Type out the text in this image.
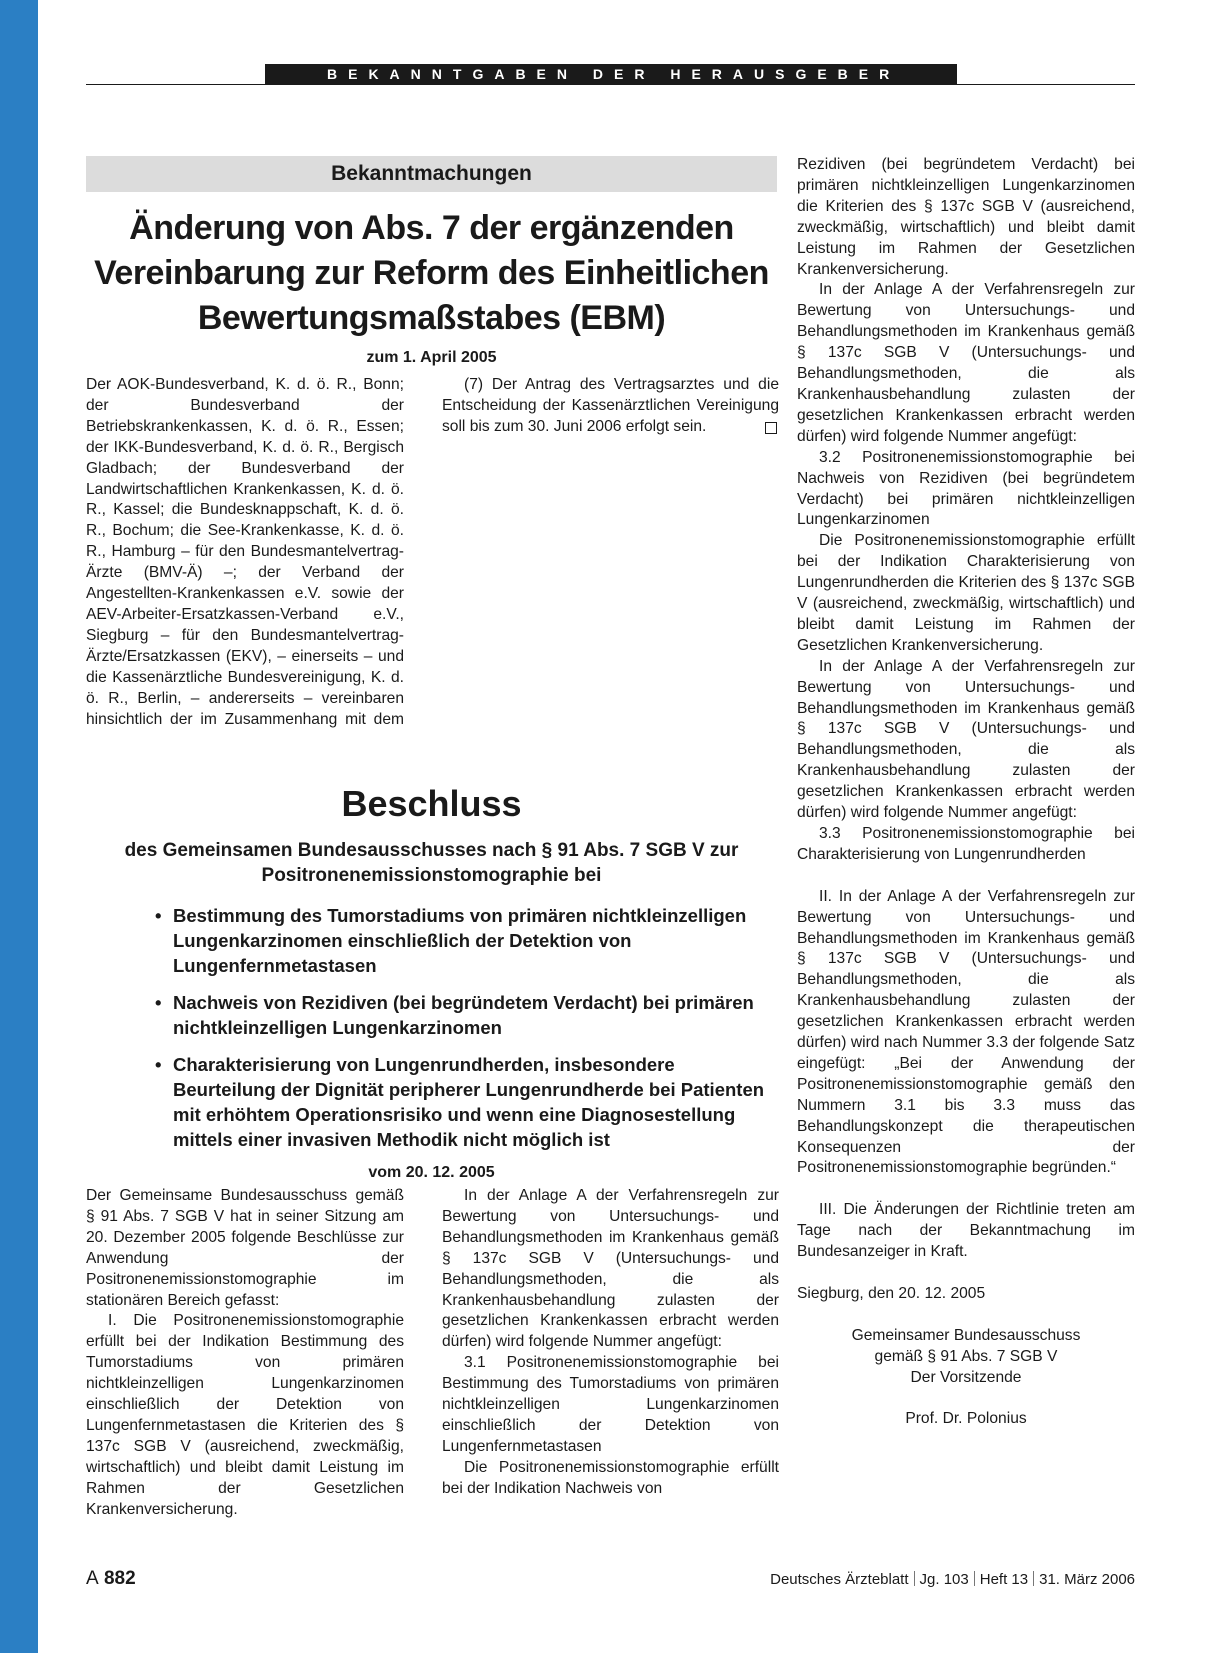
BEKANNTGABEN DER HERAUSGEBER
Bekanntmachungen
Änderung von Abs. 7 der ergänzenden Vereinbarung zur Reform des Einheitlichen Bewertungsmaßstabes (EBM)
zum 1. April 2005

Der AOK-Bundesverband, K. d. ö. R., Bonn; der Bundesverband der Betriebskrankenkassen, K. d. ö. R., Essen; der IKK-Bundesverband, K. d. ö. R., Bergisch Gladbach; der Bundesverband der Landwirtschaftlichen Krankenkassen, K. d. ö. R., Kassel; die Bundesknappschaft, K. d. ö. R., Bochum; die See-Krankenkasse, K. d. ö. R., Hamburg – für den Bundesmantelvertrag-Ärzte (BMV-Ä) –; der Verband der Angestellten-Krankenkassen e.V. sowie der AEV-Arbeiter-Ersatzkassen-Verband e.V., Siegburg – für den Bundesmantelvertrag-Ärzte/Ersatzkassen (EKV), – einerseits – und die Kassenärztliche Bundesvereinigung, K. d. ö. R., Berlin, – andererseits – vereinbaren hinsichtlich der im Zusammenhang mit dem

(7) Der Antrag des Vertragsarztes und die Entscheidung der Kassenärztlichen Vereinigung soll bis zum 30. Juni 2006 erfolgt sein.

Beschluss
des Gemeinsamen Bundesausschusses nach § 91 Abs. 7 SGB V zur Positronenemissionstomographie bei
• Bestimmung des Tumorstadiums von primären nichtkleinzelligen Lungenkarzinomen einschließlich der Detektion von Lungenfernmetastasen
• Nachweis von Rezidiven (bei begründetem Verdacht) bei primären nichtkleinzelligen Lungenkarzinomen
• Charakterisierung von Lungenrundherden, insbesondere Beurteilung der Dignität peripherer Lungenrundherde bei Patienten mit erhöhtem Operationsrisiko und wenn eine Diagnosestellung mittels einer invasiven Methodik nicht möglich ist
vom 20. 12. 2005

Der Gemeinsame Bundesausschuss gemäß § 91 Abs. 7 SGB V hat in seiner Sitzung am 20. Dezember 2005 folgende Beschlüsse zur Anwendung der Positronenemissionstomographie im stationären Bereich gefasst:

I. Die Positronenemissionstomographie erfüllt bei der Indikation Bestimmung des Tumorstadiums von primären nichtkleinzelligen Lungenkarzinomen einschließlich der Detektion von Lungenfernmetastasen die Kriterien des § 137c SGB V (ausreichend, zweckmäßig, wirtschaftlich) und bleibt damit Leistung im Rahmen der Gesetzlichen Krankenversicherung.

In der Anlage A der Verfahrensregeln zur Bewertung von Untersuchungs- und Behandlungsmethoden im Krankenhaus gemäß § 137c SGB V (Untersuchungs- und Behandlungsmethoden, die als Krankenhausbehandlung zulasten der gesetzlichen Krankenkassen erbracht werden dürfen) wird folgende Nummer angefügt:

3.1 Positronenemissionstomographie bei Bestimmung des Tumorstadiums von primären nichtkleinzelligen Lungenkarzinomen einschließlich der Detektion von Lungenfernmetastasen

Die Positronenemissionstomographie erfüllt bei der Indikation Nachweis von

Rezidiven (bei begründetem Verdacht) bei primären nichtkleinzelligen Lungenkarzinomen die Kriterien des § 137c SGB V (ausreichend, zweckmäßig, wirtschaftlich) und bleibt damit Leistung im Rahmen der Gesetzlichen Krankenversicherung.

In der Anlage A der Verfahrensregeln zur Bewertung von Untersuchungs- und Behandlungsmethoden im Krankenhaus gemäß § 137c SGB V (Untersuchungs- und Behandlungsmethoden, die als Krankenhausbehandlung zulasten der gesetzlichen Krankenkassen erbracht werden dürfen) wird folgende Nummer angefügt:

3.2 Positronenemissionstomographie bei Nachweis von Rezidiven (bei begründetem Verdacht) bei primären nichtkleinzelligen Lungenkarzinomen

Die Positronenemissionstomographie erfüllt bei der Indikation Charakterisierung von Lungenrundherden die Kriterien des § 137c SGB V (ausreichend, zweckmäßig, wirtschaftlich) und bleibt damit Leistung im Rahmen der Gesetzlichen Krankenversicherung.

In der Anlage A der Verfahrensregeln zur Bewertung von Untersuchungs- und Behandlungsmethoden im Krankenhaus gemäß § 137c SGB V (Untersuchungs- und Behandlungsmethoden, die als Krankenhausbehandlung zulasten der gesetzlichen Krankenkassen erbracht werden dürfen) wird folgende Nummer angefügt:

3.3 Positronenemissionstomographie bei Charakterisierung von Lungenrundherden

II. In der Anlage A der Verfahrensregeln zur Bewertung von Untersuchungs- und Behandlungsmethoden im Krankenhaus gemäß § 137c SGB V (Untersuchungs- und Behandlungsmethoden, die als Krankenhausbehandlung zulasten der gesetzlichen Krankenkassen erbracht werden dürfen) wird nach Nummer 3.3 der folgende Satz eingefügt: „Bei der Anwendung der Positronenemissionstomographie gemäß den Nummern 3.1 bis 3.3 muss das Behandlungskonzept die therapeutischen Konsequenzen der Positronenemissionstomographie begründen.“

III. Die Änderungen der Richtlinie treten am Tage nach der Bekanntmachung im Bundesanzeiger in Kraft.

Siegburg, den 20. 12. 2005

Gemeinsamer Bundesausschuss
gemäß § 91 Abs. 7 SGB V
Der Vorsitzende
Prof. Dr. Polonius
A 882	Deutsches Ärzteblatt Jg. 103 Heft 13 31. März 2006
